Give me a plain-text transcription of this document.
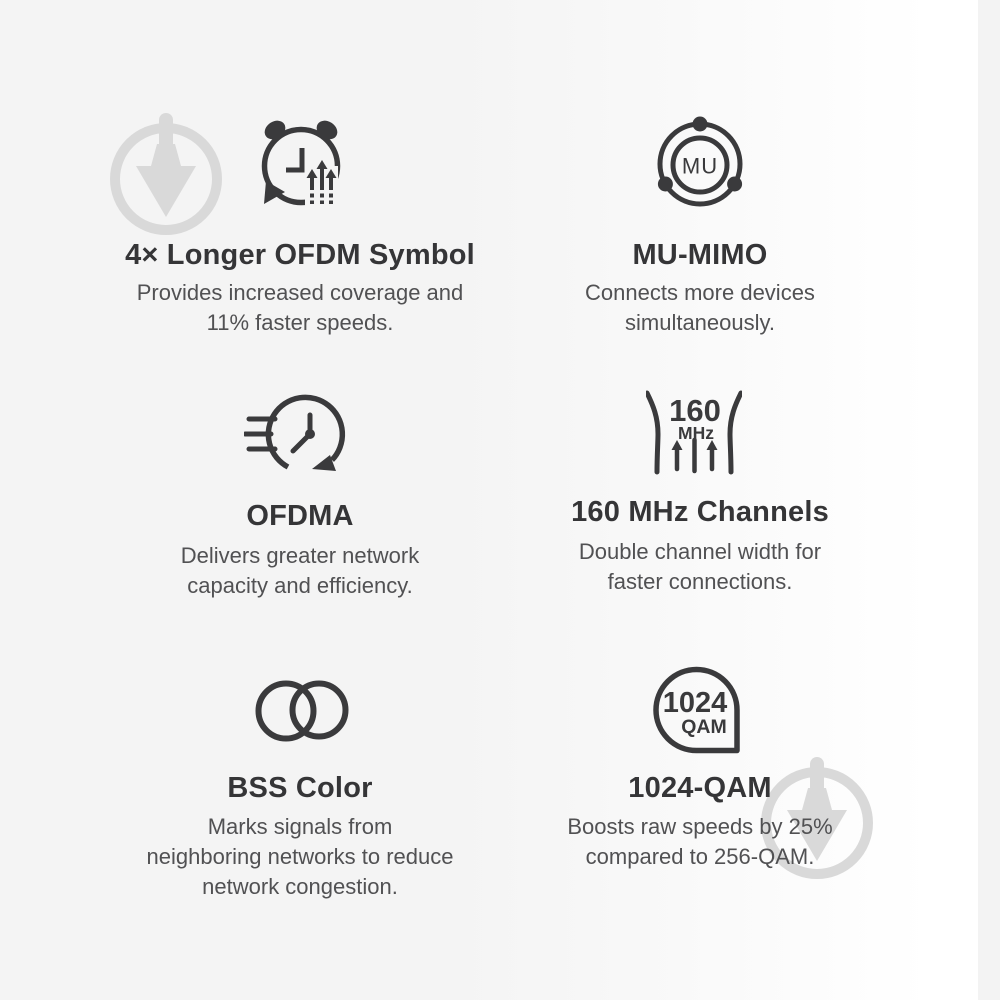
4× Longer OFDM Symbol
Provides increased coverage and
11% faster speeds.
MU
MU-MIMO
Connects more devices
simultaneously.
OFDMA
Delivers greater network
capacity and efficiency.
160
MHz
160 MHz Channels
Double channel width for
faster connections.
BSS Color
Marks signals from
neighboring networks to reduce
network congestion.
1024
QAM
1024-QAM
Boosts raw speeds by 25%
compared to 256-QAM.
